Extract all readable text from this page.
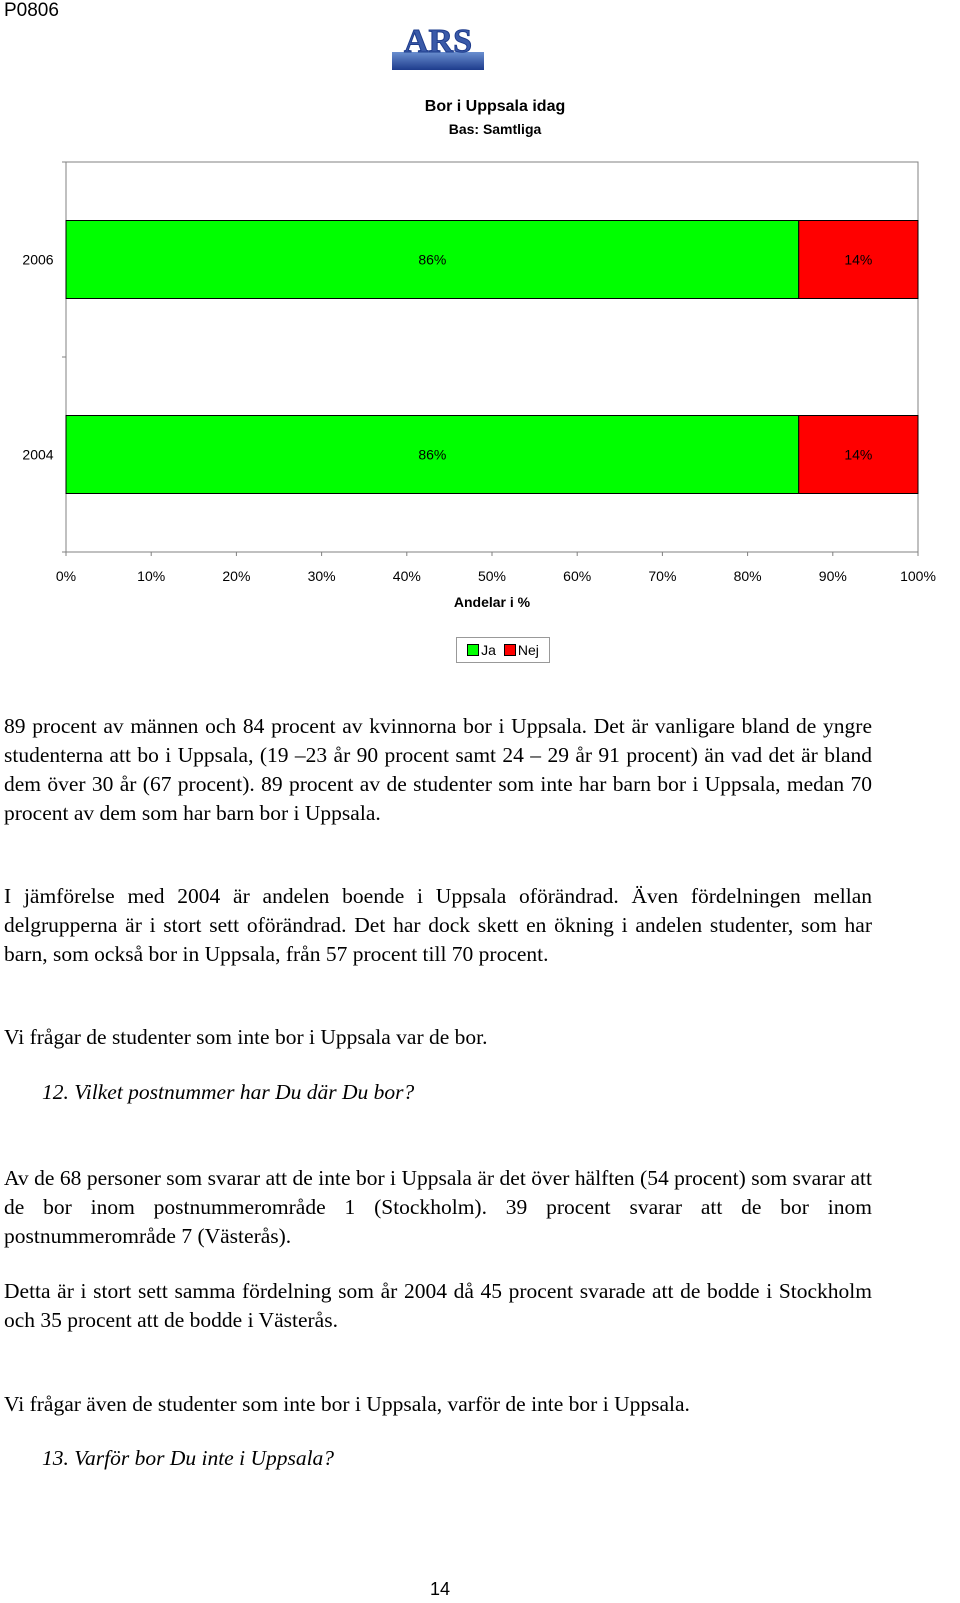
P0806
ARS
Bor i Uppsala idag
Bas: Samtliga
0%	10%	20%	30%	40%	50%	60%	70%	80%	90%	100%
Andelar i %
2006	86%	14%
2004	86%	14%
Ja Nej

89 procent av männen och 84 procent av kvinnorna bor i Uppsala. Det är vanligare bland de yngre studenterna att bo i Uppsala, (19 –23 år 90 procent samt 24 – 29 år 91 procent) än vad det är bland dem över 30 år (67 procent). 89 procent av de studenter som inte har barn bor i Uppsala, medan 70 procent av dem som har barn bor i Uppsala.

I jämförelse med 2004 är andelen boende i Uppsala oförändrad. Även fördelningen mellan delgrupperna är i stort sett oförändrad. Det har dock skett en ökning i andelen studenter, som har barn, som också bor in Uppsala, från 57 procent till 70 procent.

Vi frågar de studenter som inte bor i Uppsala var de bor.

12. Vilket postnummer har Du där Du bor?

Av de 68 personer som svarar att de inte bor i Uppsala är det över hälften (54 procent) som svarar att de bor inom postnummerområde 1 (Stockholm). 39 procent svarar att de bor inom postnummerområde 7 (Västerås).

Detta är i stort sett samma fördelning som år 2004 då 45 procent svarade att de bodde i Stockholm och 35 procent att de bodde i Västerås.

Vi frågar även de studenter som inte bor i Uppsala, varför de inte bor i Uppsala.

13. Varför bor Du inte i Uppsala?

14
